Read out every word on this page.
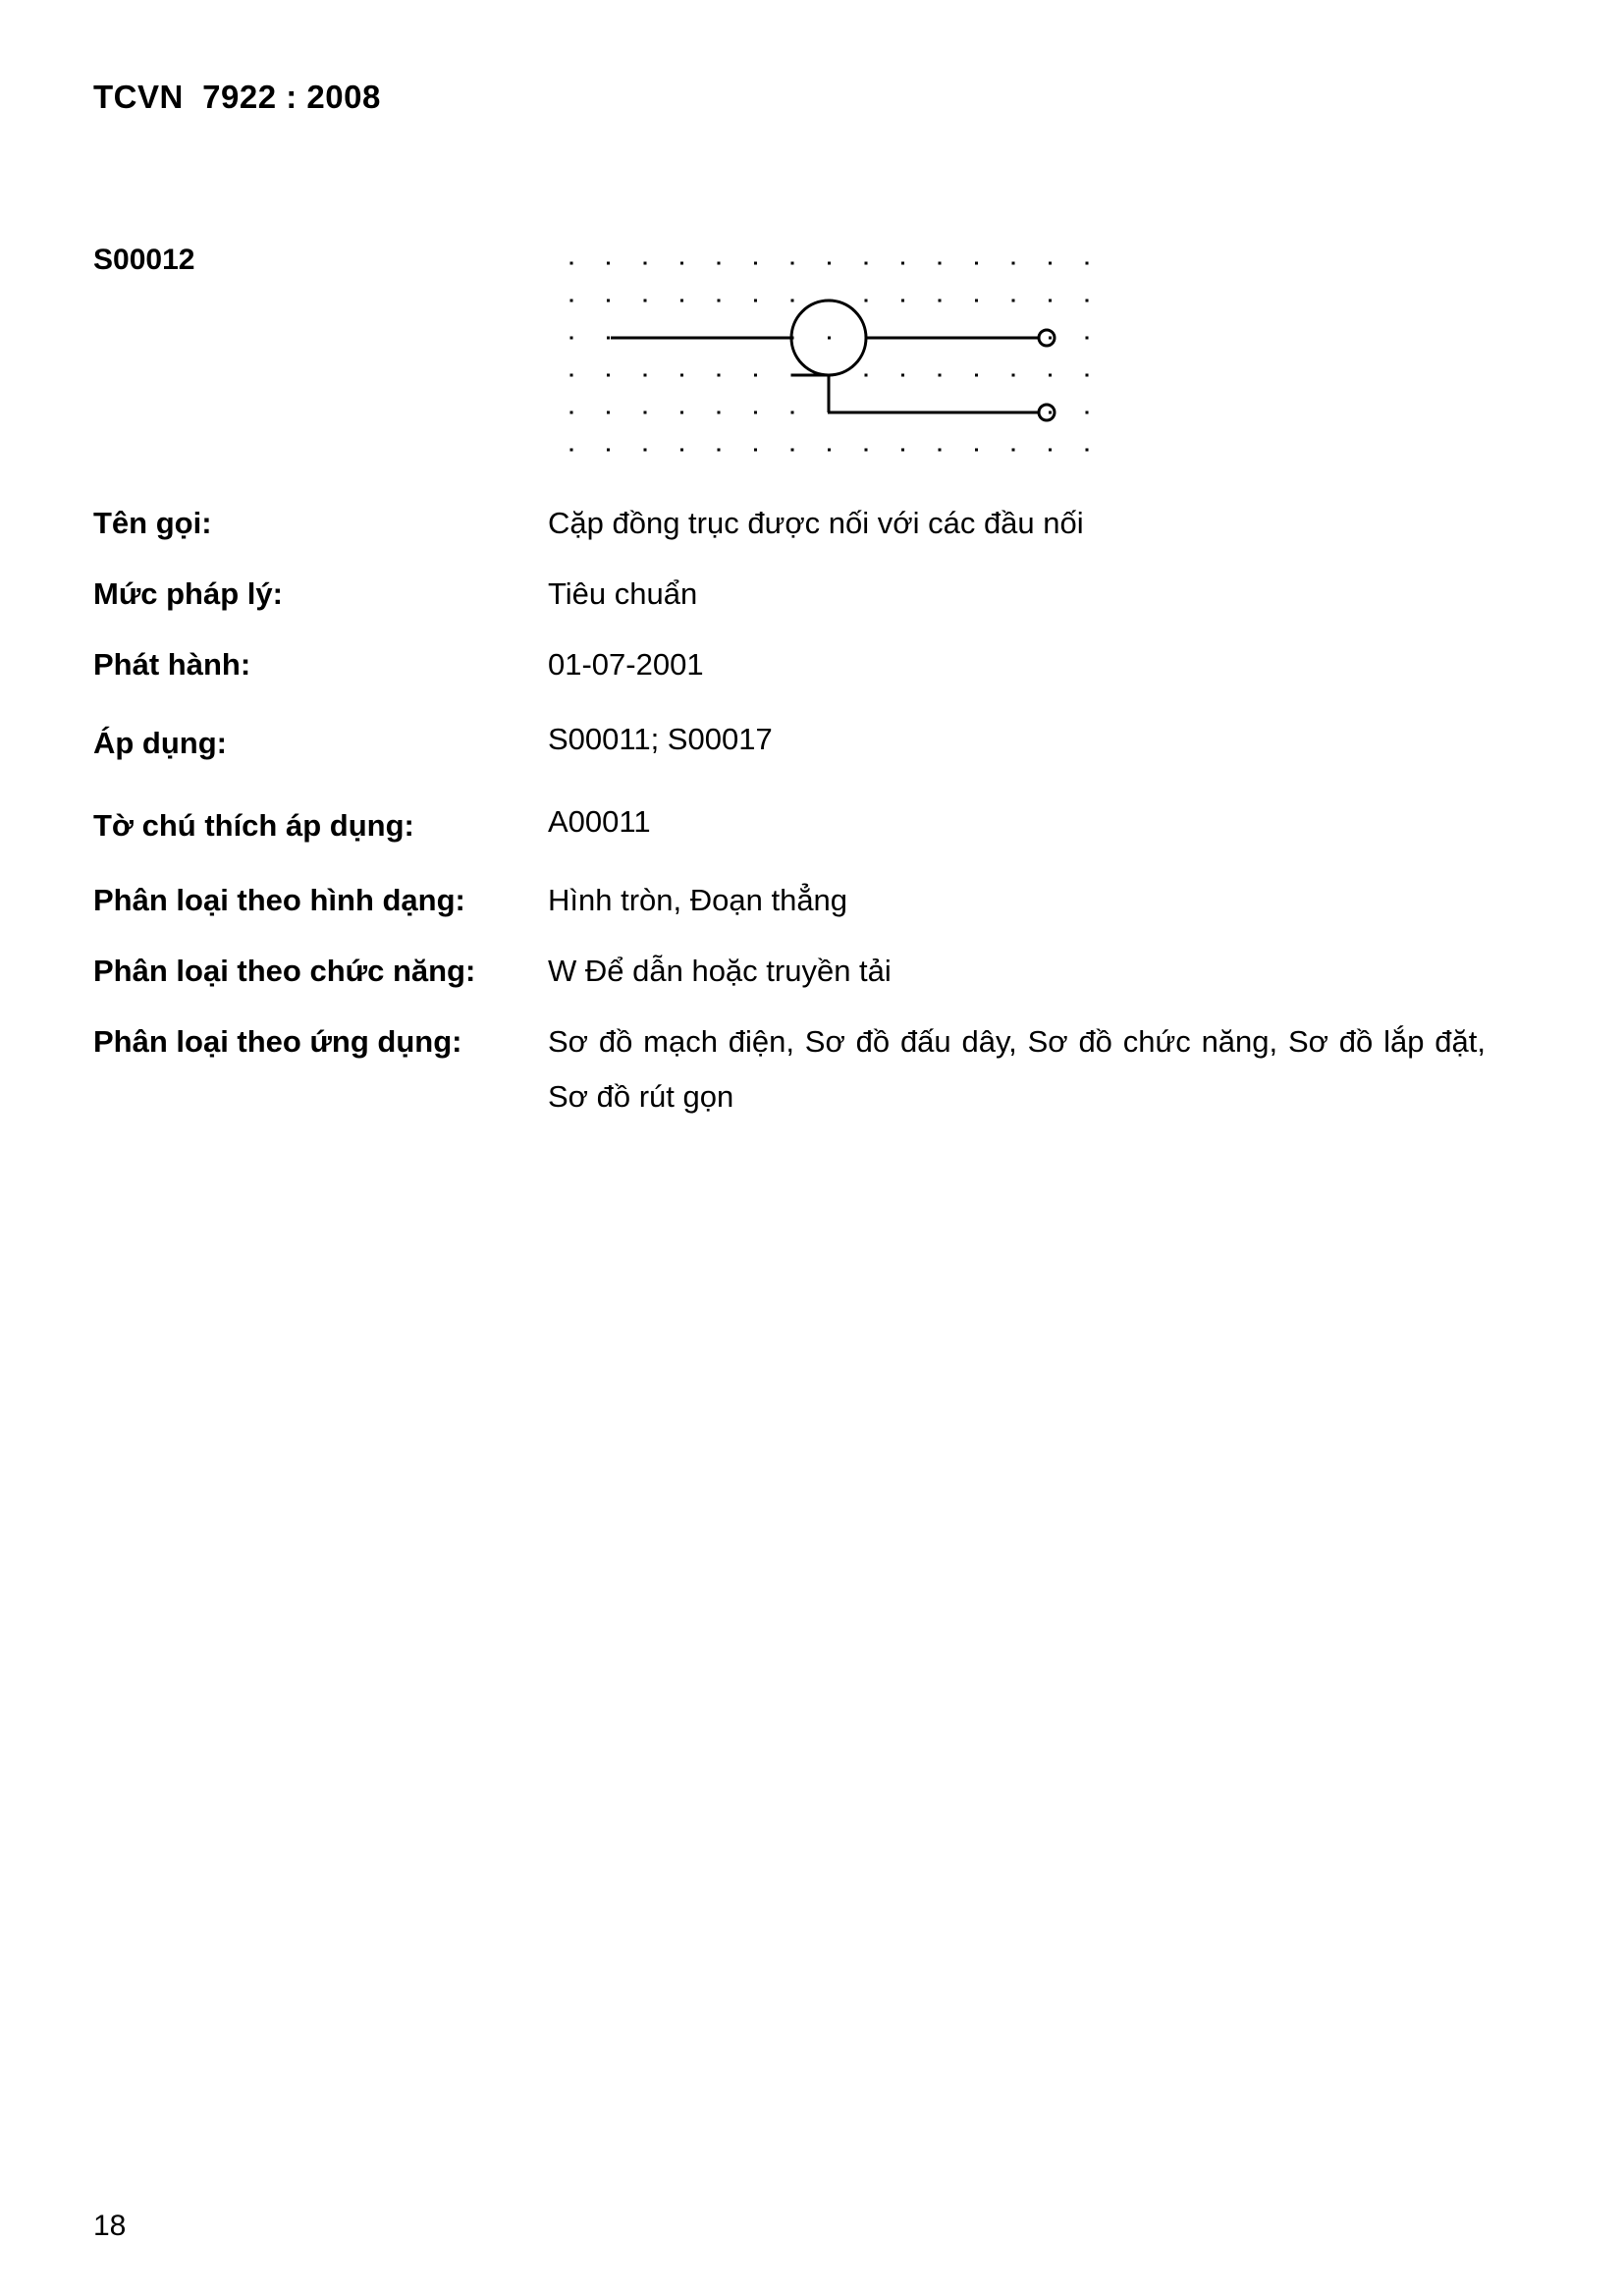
TCVN  7922 : 2008
S00012
Tên gọi:	Cặp đồng trục được nối với các đầu nối
Mức pháp lý:	Tiêu chuẩn
Phát hành:	01-07-2001
Áp dụng:	S00011; S00017
Tờ chú thích áp dụng:	A00011
Phân loại theo hình dạng:	Hình tròn, Đoạn thẳng
Phân loại theo chức năng:	W Để dẫn hoặc truyền tải
Phân loại theo ứng dụng:	Sơ đồ mạch điện, Sơ đồ đấu dây, Sơ đồ chức năng, Sơ đồ lắp đặt,
Sơ đồ rút gọn
18
